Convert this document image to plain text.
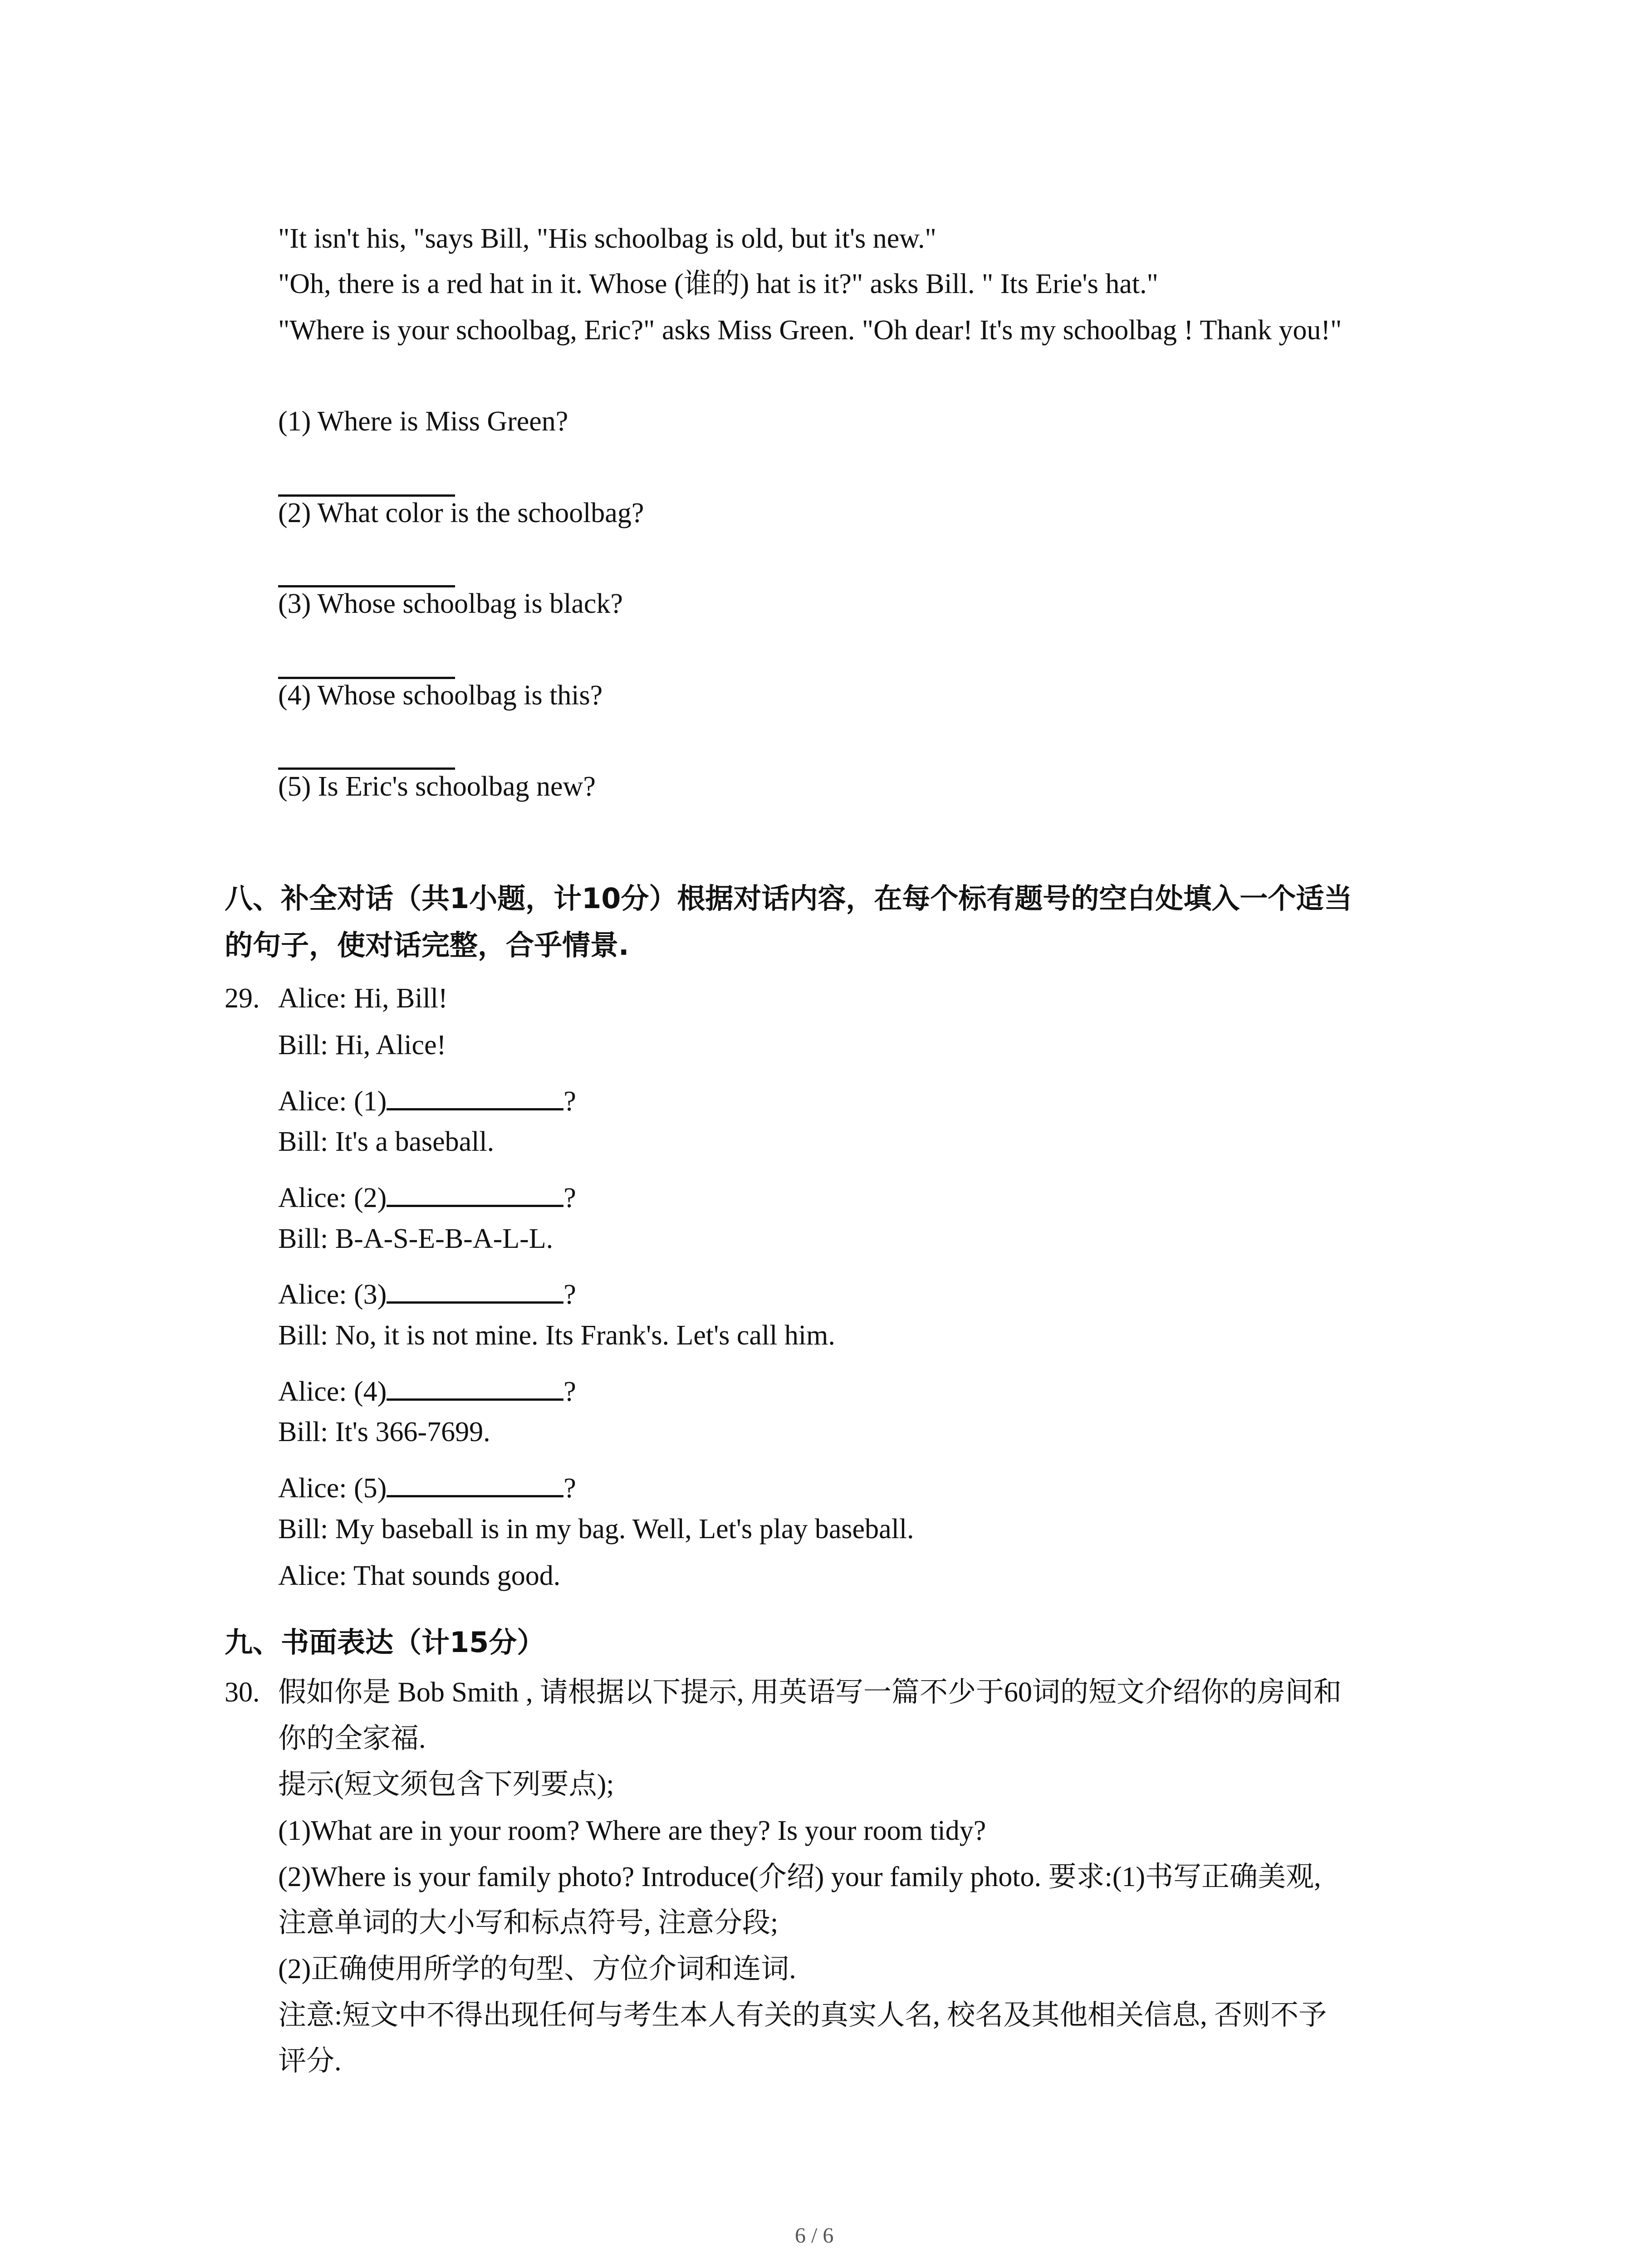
"It isn't his, "says Bill, "His schoolbag is old, but it's new."
"Oh, there is a red hat in it. Whose (谁的) hat is it?" asks Bill. " Its Erie's hat."
"Where is your schoolbag, Eric?" asks Miss Green. "Oh dear! It's my schoolbag ! Thank you!"
(1) Where is Miss Green?
(2) What color is the schoolbag?
(3) Whose schoolbag is black?
(4) Whose schoolbag is this?
(5) Is Eric's schoolbag new?
八、补全对话（共1小题，计10分）根据对话内容，在每个标有题号的空白处填入一个适当
的句子，使对话完整，合乎情景.
29. Alice: Hi, Bill!
Bill: Hi, Alice!
Alice: (1)	?
Bill: It's a baseball.
Alice: (2)	?
Bill: B-A-S-E-B-A-L-L.
Alice: (3)	?
Bill: No, it is not mine. Its Frank's. Let's call him.
Alice: (4)	?
Bill: It's 366-7699.
Alice: (5)	?
Bill: My baseball is in my bag. Well, Let's play baseball.
Alice: That sounds good.
九、书面表达（计15分）
30. 假如你是 Bob Smith , 请根据以下提示, 用英语写一篇不少于60词的短文介绍你的房间和
你的全家福.
提示(短文须包含下列要点);
(1)What are in your room? Where are they? Is your room tidy?
(2)Where is your family photo? Introduce(介绍) your family photo. 要求:(1)书写正确美观,
注意单词的大小写和标点符号, 注意分段;
(2)正确使用所学的句型、方位介词和连词.
注意:短文中不得出现任何与考生本人有关的真实人名, 校名及其他相关信息, 否则不予
评分.
6 / 6
